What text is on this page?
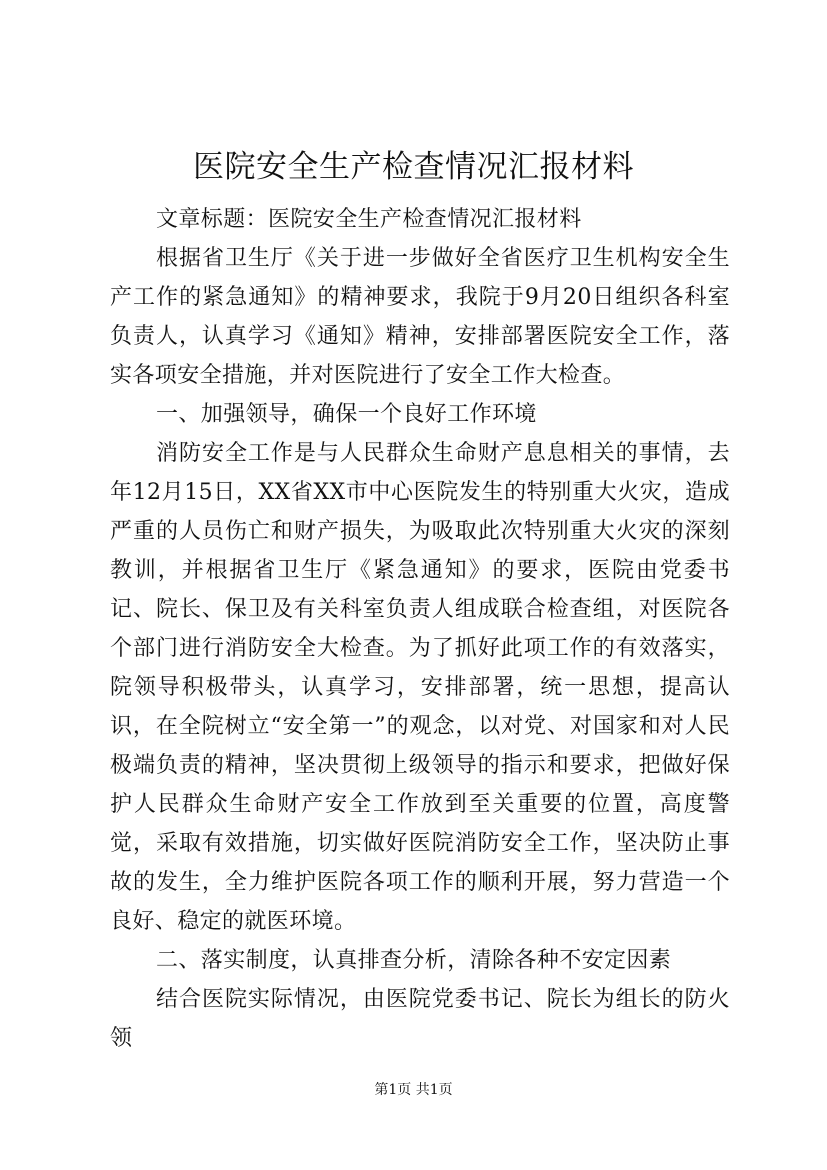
医院安全生产检查情况汇报材料

文章标题：医院安全生产检查情况汇报材料

根据省卫生厅《关于进一步做好全省医疗卫生机构安全生产工作的紧急通知》的精神要求，我院于9月20日组织各科室负责人，认真学习《通知》精神，安排部署医院安全工作，落实各项安全措施，并对医院进行了安全工作大检查。

一、加强领导，确保一个良好工作环境

消防安全工作是与人民群众生命财产息息相关的事情，去年12月15日，XX省XX市中心医院发生的特别重大火灾，造成严重的人员伤亡和财产损失，为吸取此次特别重大火灾的深刻教训，并根据省卫生厅《紧急通知》的要求，医院由党委书记、院长、保卫及有关科室负责人组成联合检查组，对医院各个部门进行消防安全大检查。为了抓好此项工作的有效落实，院领导积极带头，认真学习，安排部署，统一思想，提高认识，在全院树立“安全第一”的观念，以对党、对国家和对人民极端负责的精神，坚决贯彻上级领导的指示和要求，把做好保护人民群众生命财产安全工作放到至关重要的位置，高度警觉，采取有效措施，切实做好医院消防安全工作，坚决防止事故的发生，全力维护医院各项工作的顺利开展，努力营造一个良好、稳定的就医环境。

二、落实制度，认真排查分析，清除各种不安定因素

结合医院实际情况，由医院党委书记、院长为组长的防火领

第1页 共1页
